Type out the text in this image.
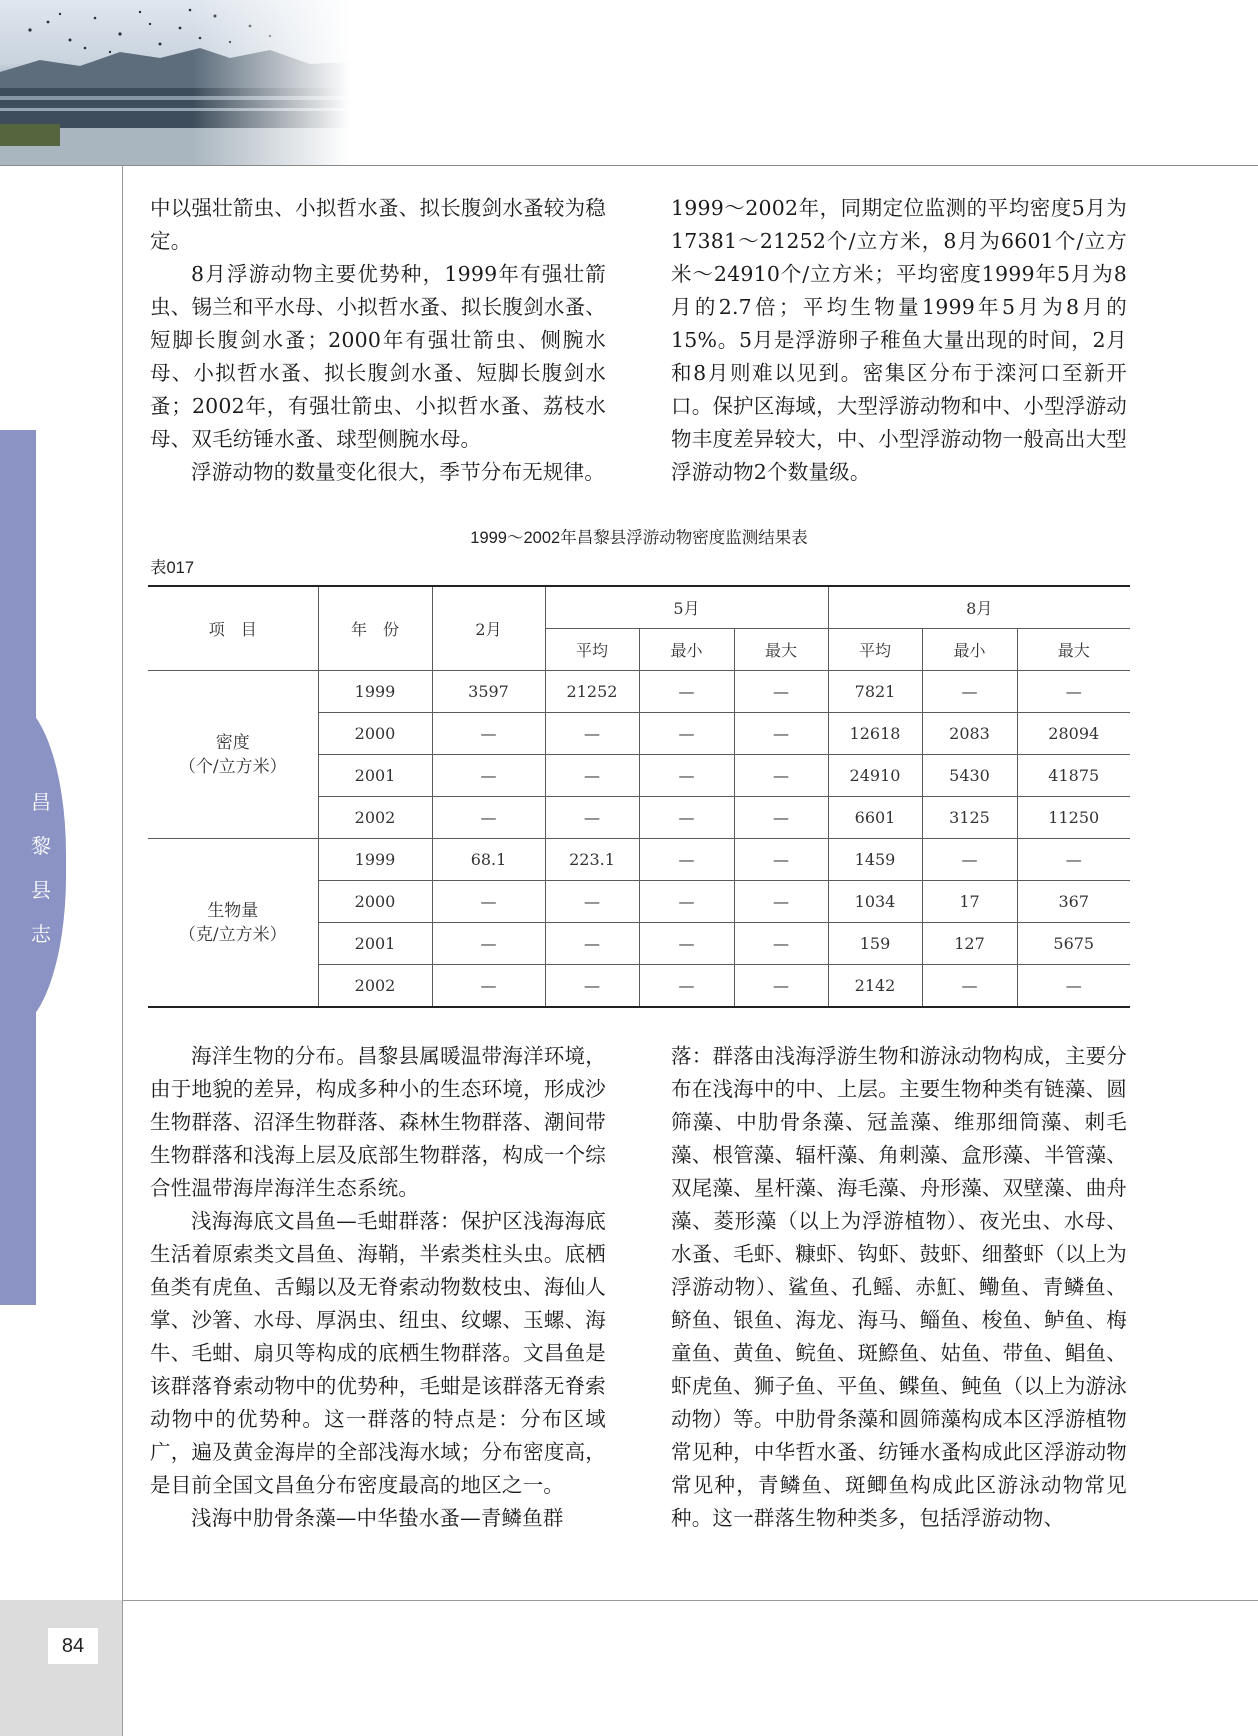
昌黎县志

中以强壮箭虫、小拟哲水蚤、拟长腹剑水蚤较为稳定。

8月浮游动物主要优势种，1999年有强壮箭虫、锡兰和平水母、小拟哲水蚤、拟长腹剑水蚤、短脚长腹剑水蚤；2000年有强壮箭虫、侧腕水母、小拟哲水蚤、拟长腹剑水蚤、短脚长腹剑水蚤；2002年，有强壮箭虫、小拟哲水蚤、荔枝水母、双毛纺锤水蚤、球型侧腕水母。

浮游动物的数量变化很大，季节分布无规律。

1999～2002年，同期定位监测的平均密度5月为17381～21252个/立方米，8月为6601个/立方米～24910个/立方米；平均密度1999年5月为8月的2.7倍；平均生物量1999年5月为8月的15%。5月是浮游卵子稚鱼大量出现的时间，2月和8月则难以见到。密集区分布于滦河口至新开口。保护区海域，大型浮游动物和中、小型浮游动物丰度差异较大，中、小型浮游动物一般高出大型浮游动物2个数量级。

1999～2002年昌黎县浮游动物密度监测结果表
表017
项　目	年　份	2月	5月			8月		
			平均	最小	最大	平均	最小	最大

密度
（个/立方米）	1999	3597	21252	—	—	7821	—	—
	2000	—	—	—	—	12618	2083	28094
	2001	—	—	—	—	24910	5430	41875
	2002	—	—	—	—	6601	3125	11250

生物量
（克/立方米）	1999	68.1	223.1	—	—	1459	—	—
	2000	—	—	—	—	1034	17	367
	2001	—	—	—	—	159	127	5675
	2002	—	—	—	—	2142	—	—

海洋生物的分布。昌黎县属暖温带海洋环境，由于地貌的差异，构成多种小的生态环境，形成沙生物群落、沼泽生物群落、森林生物群落、潮间带生物群落和浅海上层及底部生物群落，构成一个综合性温带海岸海洋生态系统。

浅海海底文昌鱼—毛蚶群落：保护区浅海海底生活着原索类文昌鱼、海鞘，半索类柱头虫。底栖鱼类有虎鱼、舌鳎以及无脊索动物数枝虫、海仙人掌、沙箸、水母、厚涡虫、纽虫、纹螺、玉螺、海牛、毛蚶、扇贝等构成的底栖生物群落。文昌鱼是该群落脊索动物中的优势种，毛蚶是该群落无脊索动物中的优势种。这一群落的特点是：分布区域广，遍及黄金海岸的全部浅海水域；分布密度高，是目前全国文昌鱼分布密度最高的地区之一。

浅海中肋骨条藻—中华蛰水蚤—青鳞鱼群

落：群落由浅海浮游生物和游泳动物构成，主要分布在浅海中的中、上层。主要生物种类有链藻、圆筛藻、中肋骨条藻、冠盖藻、维那细筒藻、刺毛藻、根管藻、辐杆藻、角刺藻、盒形藻、半管藻、双尾藻、星杆藻、海毛藻、舟形藻、双壁藻、曲舟藻、菱形藻（以上为浮游植物）、夜光虫、水母、水蚤、毛虾、糠虾、钩虾、鼓虾、细螯虾（以上为浮游动物）、鲨鱼、孔鳐、赤魟、鳓鱼、青鳞鱼、鲚鱼、银鱼、海龙、海马、鲻鱼、梭鱼、鲈鱼、梅童鱼、黄鱼、鲩鱼、斑鰶鱼、姑鱼、带鱼、鲳鱼、虾虎鱼、狮子鱼、平鱼、鲽鱼、鲀鱼（以上为游泳动物）等。中肋骨条藻和圆筛藻构成本区浮游植物常见种，中华哲水蚤、纺锤水蚤构成此区浮游动物常见种，青鳞鱼、斑鲫鱼构成此区游泳动物常见种。这一群落生物种类多，包括浮游动物、

84
